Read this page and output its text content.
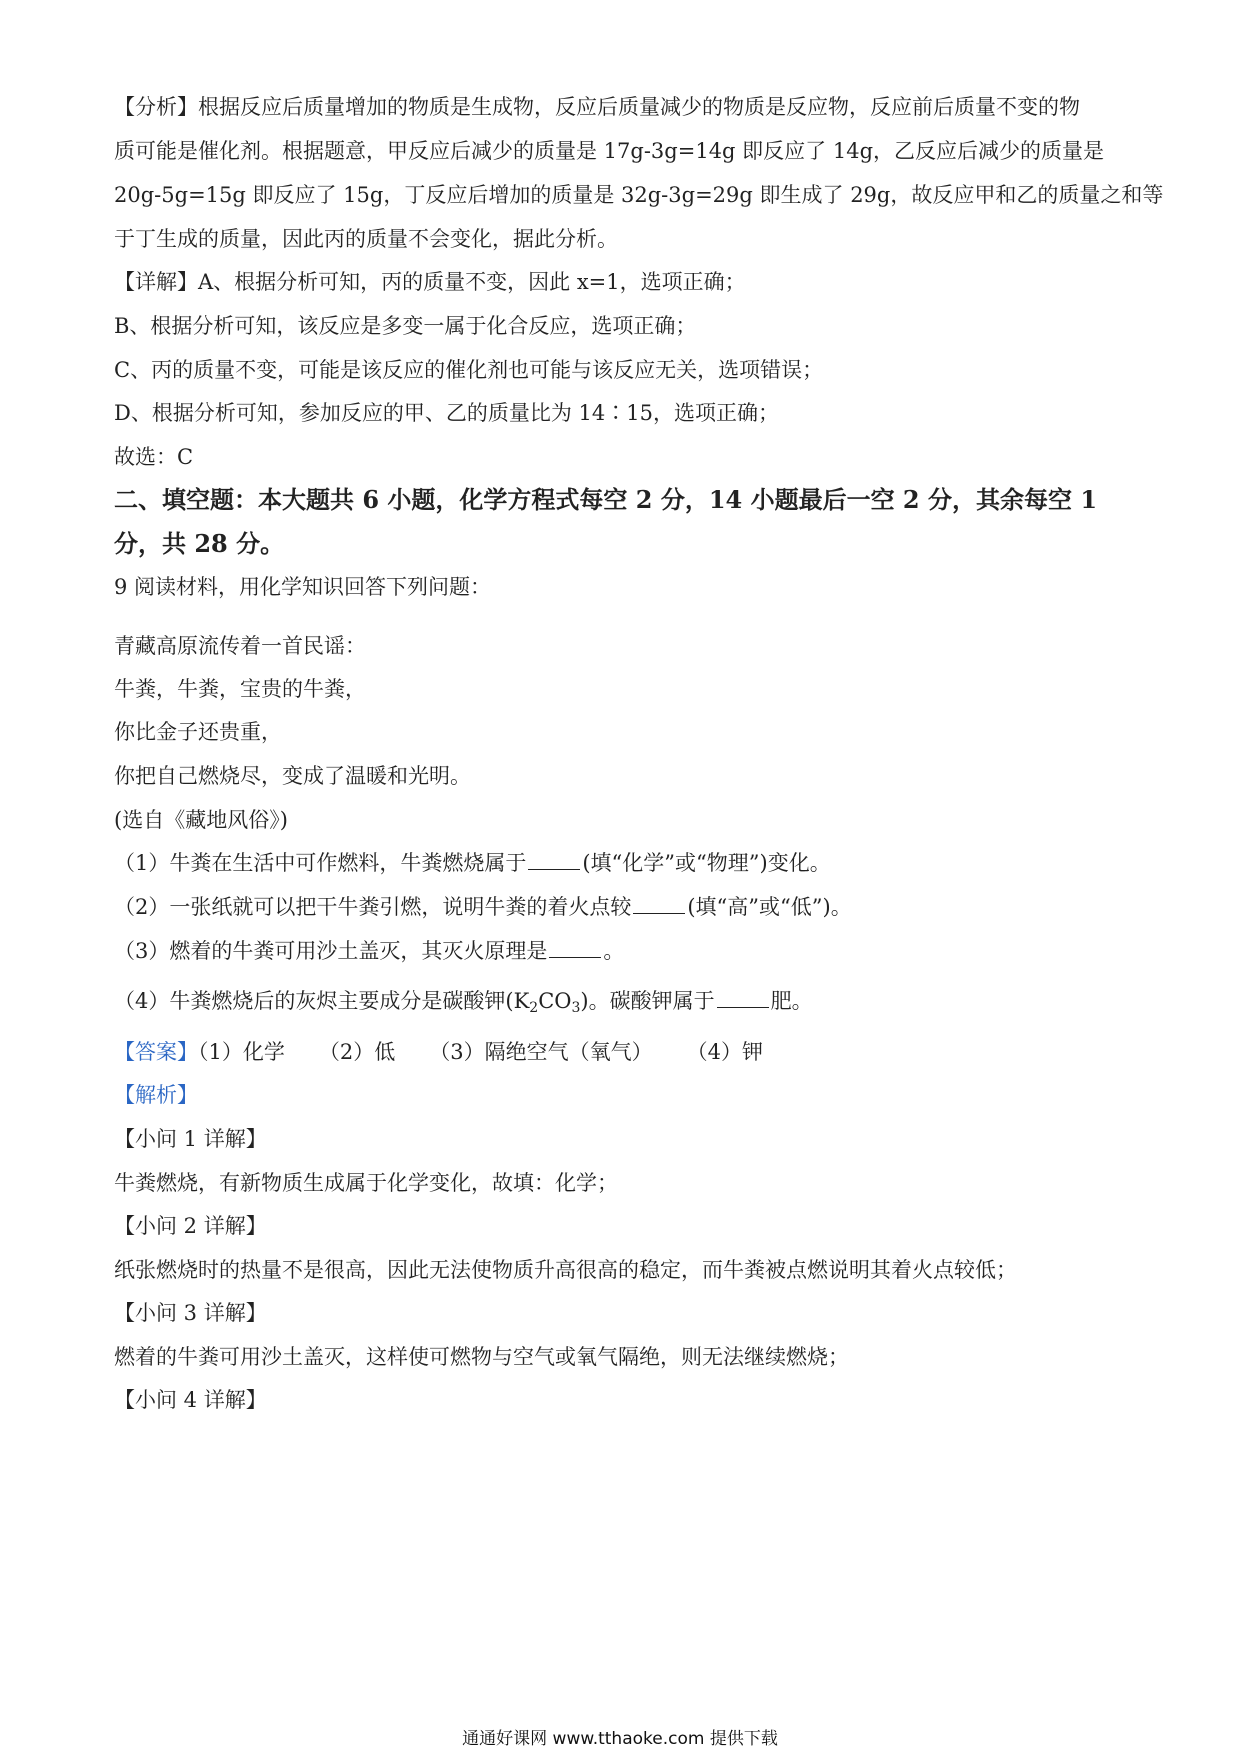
【分析】根据反应后质量增加的物质是生成物，反应后质量减少的物质是反应物，反应前后质量不变的物
质可能是催化剂。根据题意，甲反应后减少的质量是 17g-3g=14g 即反应了 14g，乙反应后减少的质量是
20g-5g=15g 即反应了 15g，丁反应后增加的质量是 32g-3g=29g 即生成了 29g，故反应甲和乙的质量之和等
于丁生成的质量，因此丙的质量不会变化，据此分析。
【详解】A、根据分析可知，丙的质量不变，因此 x=1，选项正确；
B、根据分析可知，该反应是多变一属于化合反应，选项正确；
C、丙的质量不变，可能是该反应的催化剂也可能与该反应无关，选项错误；
D、根据分析可知，参加反应的甲、乙的质量比为 14∶15，选项正确；
故选：C
二、填空题：本大题共 6 小题，化学方程式每空 2 分，14 小题最后一空 2 分，其余每空 1
分，共 28 分。
9 阅读材料，用化学知识回答下列问题：
青藏高原流传着一首民谣：
牛粪，牛粪，宝贵的牛粪，
你比金子还贵重，
你把自己燃烧尽，变成了温暖和光明。
(选自《藏地风俗》)
（1）牛粪在生活中可作燃料，牛粪燃烧属于	(填“化学”或“物理”)变化。
（2）一张纸就可以把干牛粪引燃，说明牛粪的着火点较	(填“高”或“低”)。
（3）燃着的牛粪可用沙土盖灭，其灭火原理是	。
（4）牛粪燃烧后的灰烬主要成分是碳酸钾$(K_2CO_3)$。碳酸钾属于	肥。
【答案】（1）化学 （2）低 （3）隔绝空气（氧气） （4）钾
【解析】
【小问 1 详解】
牛粪燃烧，有新物质生成属于化学变化，故填：化学；
【小问 2 详解】
纸张燃烧时的热量不是很高，因此无法使物质升高很高的稳定，而牛粪被点燃说明其着火点较低；
【小问 3 详解】
燃着的牛粪可用沙土盖灭，这样使可燃物与空气或氧气隔绝，则无法继续燃烧；
【小问 4 详解】
通通好课网 www.tthaoke.com 提供下载
